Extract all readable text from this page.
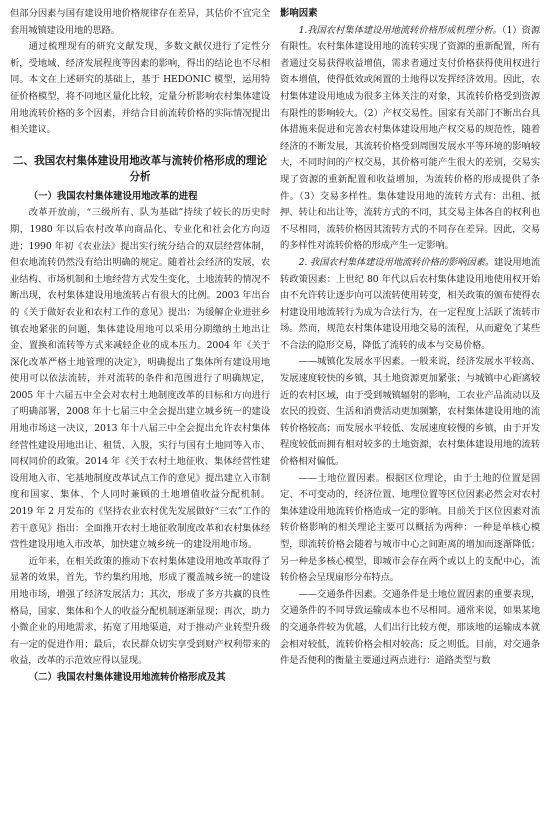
但部分因素与国有建设用地价格规律存在差异，其估价不宜完全套用城镇建设用地的思路。

通过梳理现有的研究文献发现，多数文献仅进行了定性分析，受地域、经济发展程度等因素的影响，得出的结论也不尽相同。本文在上述研究的基础上，基于 HEDONIC 模型，运用特征价格模型，将不同地区量化比较，定量分析影响农村集体建设用地流转价格的多个因素，并结合目前流转价格的实际情况提出相关建议。

二、我国农村集体建设用地改革与流转价格形成的理论分析

（一）我国农村集体建设用地改革的进程

改革开放前，“三级所有、队为基础”持续了较长的历史时期，1980 年以后农村改革向商品化、专业化和社会化方向迈进；1990 年初《农业法》提出实行统分结合的双层经营体制，但农地流转仍然没有给出明确的规定。随着社会经济的发展，农业结构、市场机制和土地经营方式发生变化，土地流转的情况不断出现，农村集体建设用地流转占有很大的比例。2003 年出台的《关于做好农业和农村工作的意见》提出：为缓解企业进驻乡镇农地紧张的问题，集体建设用地可以采用分期缴纳土地出让金、置换和流转等方式来减轻企业的成本压力。2004 年《关于深化改革严格土地管理的决定》，明确提出了集体所有建设用地使用可以依法流转，并对流转的条件和范围进行了明确规定，2005 年十六届五中全会对农村土地制度改革的目标和方向进行了明确部署，2008 年十七届三中全会提出建立城乡统一的建设用地市场这一决议，2013 年十八届三中全会提出允许农村集体经营性建设用地出让、租赁、入股，实行与国有土地同等入市、同权同价的政策。2014 年《关于农村土地征收、集体经营性建设用地入市、宅基地制度改革试点工作的意见》提出建立入市制度和国家、集体、个人同时兼顾的土地增值收益分配机制。2019 年 2 月发布的《坚持农业农村优先发展做好“三农”工作的若干意见》指出：全面推开农村土地征收制度改革和农村集体经营性建设用地入市改革，加快建立城乡统一的建设用地市场。

近年来，在相关政策的推动下农村集体建设用地改革取得了显著的效果，首先，节约集约用地，形成了覆盖城乡统一的建设用地市场，增强了经济发展活力；其次，形成了多方共赢的良性格局，国家、集体和个人的收益分配机制逐渐显现；再次，助力小微企业的用地需求，拓宽了用地渠道，对于推动产业转型升级有一定的促进作用；最后，农民群众切实享受到财产权利带来的收益，改革的示范效应得以显现。

（二）我国农村集体建设用地流转价格形成及其

影响因素

1.我国农村集体建设用地流转价格形成机理分析。（1）资源有限性。农村集体建设用地的流转实现了资源的重新配置，所有者通过交易获得收益增值，需求者通过支付价格获得使用权进行资本增值，使得低效或闲置的土地得以发挥经济效用。因此，农村集体建设用地成为很多主体关注的对象，其流转价格受到资源有限性的影响较大。（2）产权交易性。国家有关部门不断出台具体措施来促进和完善农村集体建设用地产权交易的规范性，随着经济的不断发展，其流转价格受到周围发展水平等环境的影响较大，不同时间的产权交易，其价格可能产生很大的差别，交易实现了资源的重新配置和收益增加，为流转价格的形成提供了条件。（3）交易多样性。集体建设用地的流转方式有：出租、抵押、转让和出让等，流转方式的不同，其交易主体各自的权利也不尽相同，流转价格因其流转方式的不同存在差异。因此，交易的多样性对流转价格的形成产生一定影响。

2. 我国农村集体建设用地流转价格的影响因素。建设用地流转政策因素：上世纪 80 年代以后农村集体建设用地使用权开始由不允许转让逐步向可以流转使用转变，相关政策的颁布使得农村建设用地流转行为成为合法行为，在一定程度上活跃了流转市场。然而，规范农村集体建设用地交易的流程，从而避免了某些不合法的隐形交易，降低了流转的成本与交易价格。

——城镇化发展水平因素。一般来说，经济发展水平较高、发展速度较快的乡镇，其土地资源更加紧张；与城镇中心距离较近的农村区域，由于受到城镇辐射的影响，工农业产品流动以及农民的投资、生活和消费活动更加频繁，农村集体建设用地的流转价格较高；而发展水平较低、发展速度较慢的乡镇，由于开发程度较低而拥有相对较多的土地资源，农村集体建设用地的流转价格相对偏低。

——土地位置因素。根据区位理论，由于土地的位置是固定、不可变动的，经济位置、地理位置等区位因素必然会对农村集体建设用地流转价格造成一定的影响。目前关于区位因素对流转价格影响的相关理论主要可以概括为两种：一种是单核心模型，即流转价格会随着与城市中心之间距离的增加而逐渐降低；另一种是多核心模型，即城市会存在两个或以上的支配中心，流转价格会呈现扇形分布特点。

——交通条件因素。交通条件是土地位置因素的重要表现，交通条件的不同导致运输成本也不尽相同。通常来说，如果某地的交通条件较为优越，人们出行比较方便，那该地的运输成本就会相对较低，流转价格会相对较高；反之则低。目前，对交通条件是否便利的衡量主要通过两点进行：道路类型与数
